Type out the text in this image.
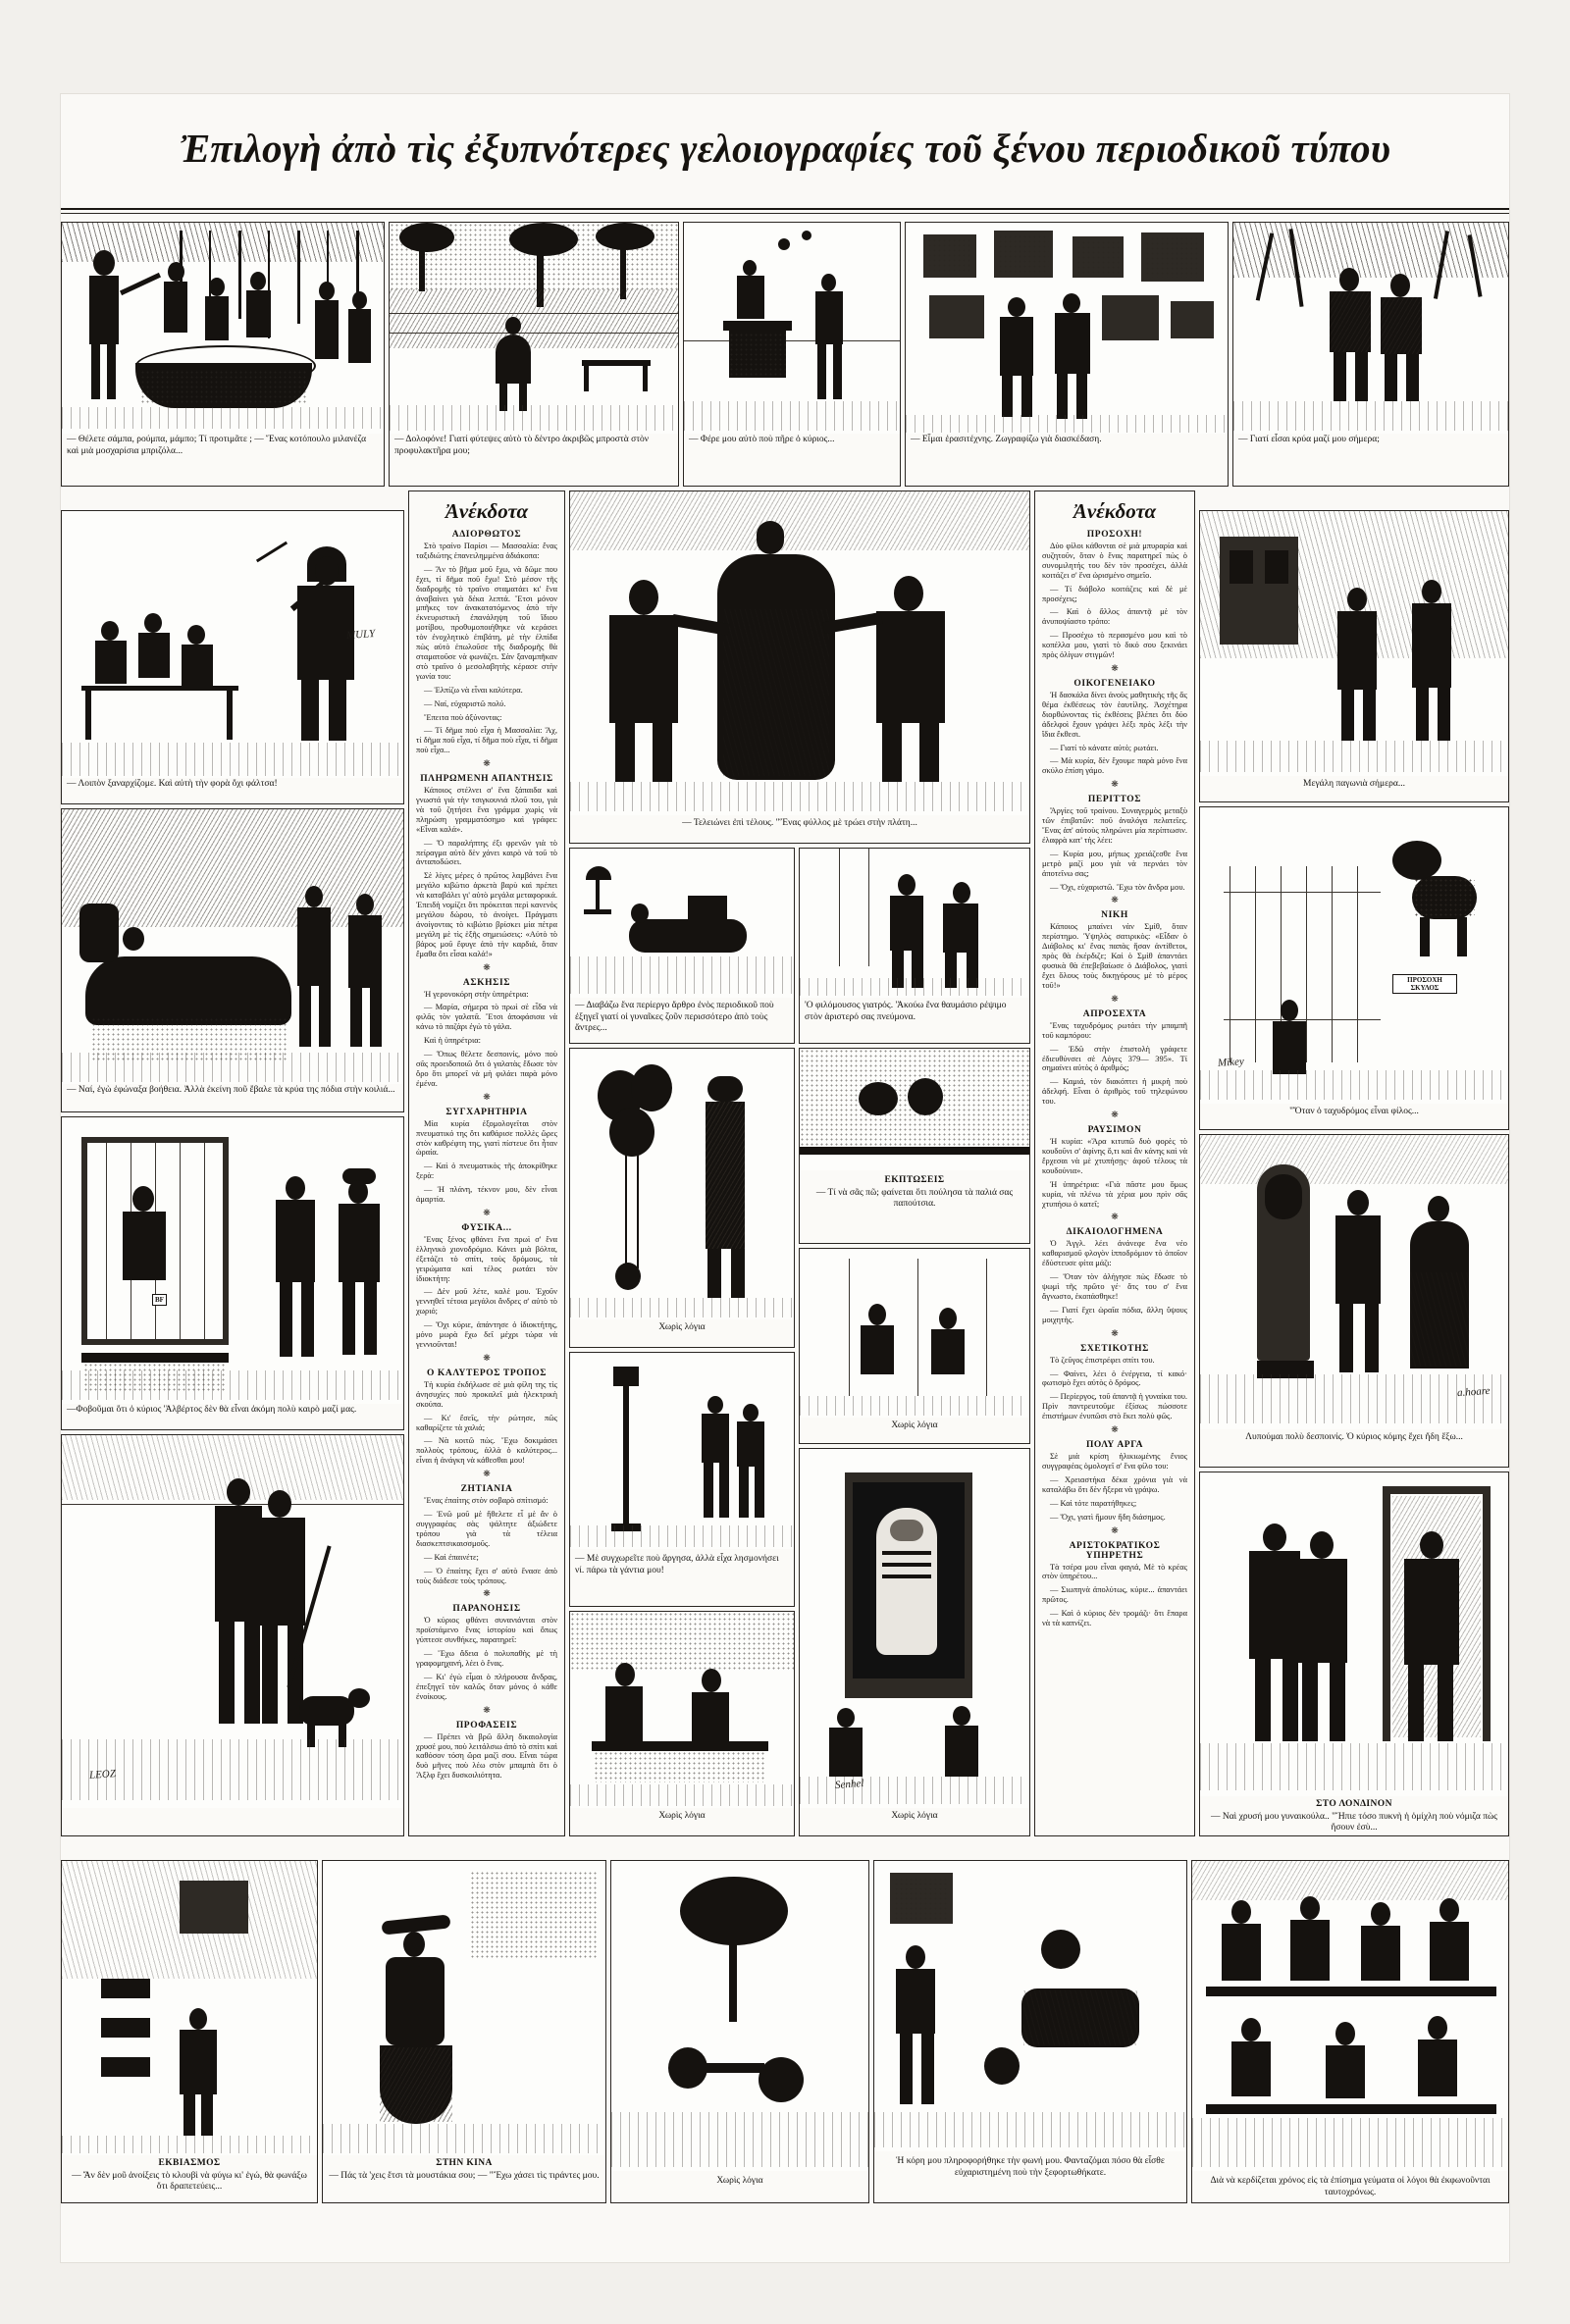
Ἐπιλογὴ ἀπὸ τὶς ἐξυπνότερες γελοιογραφίες τοῦ ξένου περιοδικοῦ τύπου
— Θέλετε σάμπα, ρούμπα, μάμπο; Τί προτιμᾶτε ; — Ἕνας κοτόπουλο μιλανέζα καὶ μιὰ μοσχαρίσια μπριζόλα...
— Δολοφόνε! Γιατί φύτεψες αὐτὸ τὸ δέντρο ἀκριβῶς μπροστὰ στὸν προφυλακτῆρα μου;
— Φέρε μου αὐτὸ ποὺ πῆρε ὁ κύριος...	— Εἶμαι ἐρασιτέχνης. Ζωγραφίζω γιὰ διασκέδαση.	— Γιατί εἶσαι κρύα μαζί μου σήμερα;
MULY
— Λοιπὸν ξαναρχίζομε. Καὶ αὐτὴ τὴν φορὰ ὄχι φάλτσα!
— Ναί, ἐγὼ ἐφώναξα βοήθεια. Ἀλλὰ ἐκείνη ποῦ ἔβαλε τὰ κρύα της πόδια στὴν κοιλιά...
BF
—Φοβοῦμαι ὅτι ὁ κύριος 'Ἀλβέρτος δὲν θὰ εἶναι ἀκόμη πολὺ καιρὸ μαζί μας.
LEOZ
Ἀνέκδοτα
ΑΔΙΟΡΘΩΤΟΣ

Στὸ τραίνο Παρίσι — Μασσαλία: ἕνας ταξιδιώτης ἐπανειλημμένα ἀδιάκοπα:

— Ἄν τὸ βῆμα μοῦ ἔχω, νὰ δῶμε που ἔχει, τί δῆμα ποῦ ἔχω! Στὸ μέσον τῆς διαδρομῆς τὸ τραῖνο σταματάει κι' ἕνα ἀναβαίνει γιὰ δέκα λεπτά. Ἔτσι μόνον μπῆκες τον ἀνακατατόμενος ἀπὸ τὴν ἐκνευριστικὴ ἐπανάληψη τοῦ ἴδιου μοτίβου, προθυμοποιήθηκε νὰ κεράσει τὸν ἐνοχλητικὸ ἐπιβάτη, μὲ τὴν ἐλπίδα πὼς αὐτὸ ἐπωλοῦσε τῆς διαδρομῆς θὰ σταματοῦσε νὰ φωνάζει. Σὰν ξαναμπῆκαν στὸ τραῖνο ὁ μεσολαβητὴς κέρασε στὴν γωνία του:

— Ἐλπίζω νὰ εἶναι καλύτερα.

— Ναί, εὐχαριστῶ πολύ.

Ἔπειτα ποὺ ἀξύνοντας:

— Τί δῆμα ποὺ εἶχα ἡ Μασσαλία: Ἄχ, τί δῆμα ποῦ εἶχα, τί δῆμα ποὺ εἶχα, τί δῆμα ποὺ εἶχα...

❋
ΠΛΗΡΩΜΕΝΗ ΑΠΑΝΤΗΣΙΣ

Κάποιος στέλνει σ' ἕνα ξάπαιδα καὶ γνωστά γιὰ τὴν τσιγκουνιά πλοῦ του, γιὰ νὰ τοῦ ζητήσει ἕνα γράμμα χωρὶς νὰ πληρώση γραμματόσημο καὶ γράφει: «Εἶναι καλά».

— Ὅ παραλήπτης ἐξι φρενῶν γιὰ τὸ πείραγμα αὐτὸ δὲν χάνει καιρὸ νὰ τοῦ τὸ ἀνταποδώσει.

Σὲ λίγες μέρες ὁ πρῶτος λαμβάνει ἕνα μεγάλο κιβώτιο ἀρκετὰ βαρὺ καὶ πρέπει νὰ καταβάλει γι' αὐτὸ μεγάλα μεταφορικά. Ἐπειδὴ νομίζει ὅτι πρόκειται περὶ κανενὸς μεγάλου δώρου, τὸ ἀνοίγει. Πράγματι ἀνοίγοντας τὸ κιβώτιο βρίσκει μία πέτρα μεγάλη μὲ τὶς ἑξῆς σημειώσεις: «Αὐτὸ τὸ βάρος μοῦ ἔφυγε ἀπὸ τὴν καρδιά, ὅταν ἔμαθα ὅτι εἶσαι καλά!»

❋
ΑΣΚΗΣΙΣ

Ἡ γερονοκόρη στὴν ὑπηρέτρια:

— Μαρία, σήμερα τὸ πρωὶ σὲ εἶδα νὰ φιλᾶς τὸν γαλατᾶ. Ἔτσι ἀποφάσισα νὰ κάνω τὸ παζάρι ἐγὼ τὸ γάλα.

Καὶ ἡ ὑπηρέτρια:

— Ὅπως θέλετε δεσποινίς, μόνο ποὺ σᾶς προειδοποιῶ ὅτι ὁ γαλατὰς ἔδωσε τὸν ὅρο ὅτι μπορεῖ νὰ μὴ φιλάει παρὰ μόνο ἐμένα.

❋
ΣΥΓΧΑΡΗΤΗΡΙΑ

Μία κυρία ἐξομολογεῖται στὸν πνευματικό της ὅτι καθάρισε πολλὲς ὥρες στὸν καθρέφτη της, γιατὶ πίστευε ὅτι ἦταν ὡραία.

— Καὶ ὁ πνευματικὸς τῆς ἀποκρίθηκε ξερὰ:

— Ἡ πλάνη, τέκνον μου, δὲν εἶναι ἁμαρτία.

❋
ΦΥΣΙΚΑ...

Ἕνας ξένος φθάνει ἕνα πρωὶ σ' ἕνα ἑλληνικὸ χιονοδρόμιο. Κάνει μιὰ βόλτα, ἐξετάζει τὸ σπίτι, τοὺς δρόμους, τὰ γειρώματα καὶ τέλος ρωτάει τὸν ἰδιοκτήτη:

— Δὲν μοῦ λέτε, καλὲ μου. Ἐχοῦν γεννηθεῖ τέτοια μεγάλοι ἄνδρες σ' αὐτὸ τὸ χωριό;

— Ὄχι κύριε, ἀπάντησε ὁ ἰδιοκτήτης, μόνο μωρὰ ἔχω δεῖ μέχρι τώρα νὰ γεννιοῦνται!

❋
Ο ΚΑΛΥΤΕΡΟΣ ΤΡΟΠΟΣ

Τὴ κυρία ἐκδήλωσε σὲ μιὰ φίλη της τὶς ἀνησυχίες ποὺ προκαλεῖ μιὰ ἠλεκτρικὴ σκούπα.

— Κι' ἔσεῖς, τὴν ρώτησε, πῶς καθαρίζετε τὰ χαλιά;

— Νὰ κοιτῶ πὼς. Ἔχω δοκιμάσει πολλοὺς τρόπους, ἀλλὰ ὁ καλύτερος... εἶναι ἡ ἀνάγκη νὰ κάθεσθαι μου!

❋
ΖΗΤΙΑΝΙΑ

Ἕνας ἐπαίτης στὸν σοβαρὸ σπίτισμό:

— Ἐνῶ μοῦ μὲ ἤθελετε εἶ μὲ ἄν ὁ συγγραφέας σὰς ψάλτητε ἀξιώδετε τρόπου γιὰ τὰ τέλεια διασκεπτσικαισσμοῦς.

— Καὶ ἐπαινέτε;

— Ὁ ἐπαίτης ἔχει σ' αὐτὸ ἔνασε ἀπὸ τοὺς διάδεσε τοὺς τρόπους.

❋
ΠΑΡΑΝΟΗΣΙΣ

Ὁ κύριος φθάνει συνανιάνται στὸν προϊστάμενο ἔνας ἱστορίου καὶ ὅπως γύπτεσε συνθήκες, παρατηρεῖ:

— Ἔχω ἄδεια ὁ πολυπαθὴς μὲ τὴ γραφομηχανή, λέει ὁ ἕνας.

— Κι' ἐγὼ εἶμαι ὁ πλήρουσα ἄνδρας, ἐπεξηγεῖ τὸν καλῶς ὅταν μόνος ὁ κάθε ἐνοίκους.

❋
ΠΡΟΦΑΣΕΙΣ

— Πρέπει νὰ βρῶ ἄλλη δικαιολογία χρυσέ μου, ποὺ λειτάλσιω ἀπὸ τὸ σπίτι καὶ καθόσον τόση ὥρα μαζὶ σου. Εἶναι τώρα δυὸ μῆνες ποὺ λέω στὸν μπαμπὰ ὅτι ὁ Ἄξλφ ἔχει δυσκοιλιότητα.

— Τελειώνει ἐπὶ τέλους. "Ἕνας φύλλος μὲ τρώει στὴν πλάτη...
— Διαβάζω ἕνα περίεργο ἄρθρο ἐνὸς περιοδικοῦ ποὺ ἐξηγεῖ γιατί οἱ γυναῖκες ζοῦν περισσότερο ἀπὸ τοὺς ἄντρες...
'Ο φιλόμουσος γιατρός. 'Ἀκούω ἕνα θαυμάσιο ρέψιμο στὸν ἀριστερό σας πνεύμονα.
Χωρὶς λόγια
ΕΚΠΤΩΣΕΙΣ
— Τί νὰ σᾶς πῶ; φαίνεται ὅτι πούλησα τὰ παλιά σας παπούτσια.
Χωρὶς λόγια
— Μὲ συγχωρεῖτε ποὺ ἄργησα, ἀλλὰ εἶχα λησμονήσει νί. πάρω τὰ γάντια μου!
Senhel
Χωρὶς λόγια
Χωρὶς λόγια
Ἀνέκδοτα
ΠΡΟΣΟΧΗ!

Δύο φίλοι κάθονται σὲ μιὰ μπυραρία καὶ συζητοῦν, ὅταν ὁ ἕνας παρατηρεῖ πὼς ὁ συνομιλητής του δὲν τὸν προσέχει, ἀλλὰ κοιτάζει σ' ἕνα ὡρισμένο σημεῖο.

— Τί διάβολο κοιτάζεις καὶ δὲ μὲ προσέχεις;

— Καὶ ὁ ἄλλος ἀπαντᾷ μὲ τὸν ἀνυποψίαστο τρόπο:

— Προσέχω τὸ περασμένο μου καὶ τὸ κοπέλλα μου, γιατὶ τὸ δικό σου ξεκινάει πρὸς ὀλίγων στιγμῶν!

❋
ΟΙΚΟΓΕΝΕΙΑΚΟ

Ἡ δασκάλα δίνει ἀνοὺς μαθητικὴς τῆς ἄς θέμα ἐκθέσεως τὸν ἑαυτίλης. Ἀσχέτηρα διορθώνοντας τὶς ἐκθέσεις βλέπει ὅτι δύο ἀδελφοὶ ἔχουν γράψει λέξι πρὸς λέξι τὴν ἴδια ἔκθεσι.

— Γιατί τὸ κάνατε αὐτὸ; ρωτάει.

— Μὰ κυρία, δὲν ἔχουμε παρὰ μόνο ἕνα σκύλο ἐπίση γάμο.

❋
ΠΕΡΙΤΤΟΣ

Ἄργίες τοῦ τραίνου. Συναγερμὸς μεταξὺ τῶν ἐπιβατῶν: ποῦ ἀναλόγα πελατεῖες. Ἕνας ἀπ' αὐτοὺς πληρώνει μία περίπτωσιν. ἐλαφρὰ κατ' τὴς λέει:

— Κυρία μου, μήπως χρειάζεσθε ἕνα μετρὸ μαζί μου γιὰ νὰ περνάει τὸν ἀποτεῖνω σας;

— Ὄχι, εὐχαριστῶ. Ἔχω τὸν ἄνδρα μου.

❋
ΝΙΚΗ

Κάποιος μπαίνει νὰν Σμίθ, ὅταν περίστημο. Ὑψηλὸς σατιρικὸς: «Εἶδαν ὁ Διάβολος κι' ἕνας παπὰς ἥσαν ἀντίθετοι, πρὸς θὰ ἐκέρδιζε; Καὶ ὁ Σμὶθ ἀπαντάει φυσικὰ θὰ ἐπεβεβαίωσε ὁ Διάβολος, γιατὶ ἔχει ὅλους τοὺς δικηγόρους μὲ τὸ μέρος τοῦ!»

❋
ΑΠΡΟΣΕΧΤΑ

Ἕνας ταχυδρόμος ρωτάει τὴν μπαμπῆ τοῦ καμπόρου:

— Ἐδῶ στὴν ἐπιστολὴ γράφετε ἐδιευθύνσει σὲ Λόγες 379— 395». Τί σημαίνει αὐτὸς ὁ ἀριθμός;

— Καμιά, τὸν διακόπτει ἡ μικρὴ ποὺ ἀδελφή. Εἶναι ὁ ἀριθμὸς τοῦ τηλεφώνου του.

❋
ΡΑΥΣΙΜΟΝ

Ἡ κυρία: «Ἄρα κιτυπῶ δυὸ φορὲς τὸ κουδοῦνι σ' ἀφίνης ὅ,τι καὶ ἂν κάνης καὶ νὰ ἔρχεσαι νὰ μὲ χτυπήσῃς· ἀφοῦ τέλους τὰ κουδούνια».

Ἡ ὑπηρέτρια: «Γιὰ πᾶστε μου ὅμως κυρία, νὰ πλένω τὰ χέρια μου πρὶν σᾶς χτυπήσω ὁ κατεῖ;

❋
ΔΙΚΑΙΟΛΟΓΗΜΕΝΑ

Ὁ Ἀγγλ. λέει ἀνάνεφε ἕνα νέο καθαρισμοῦ φλογὸν ἱπποδρόμιον τὸ ὁποῖον ἐδύστευσε φίτα μάζι:

— Ὅταν τὸν ἀλήγησε πὼς ἔδωσε τὸ ψωμὶ τῆς πρῶτο γέ· ἅτς του σ' ἕνα ἄγνωστο, ἐκοπάσθηκε!

— Γιατί ἔχει ὡραῖα πόδια, ἄλλη ὕψους μοιχητὴς.

❋
ΣΧΕΤΙΚΟΤΗΣ

Τὸ ζεῦγος ἐπιστρέφει σπίτι του.

— Φαίνει, λέει ὁ ἐνέργεια, τί κακό· φωτισμὸ ἔχει αὐτὸς ὁ δρόμος.

— Περίεργος, τοῦ ἀπαντᾷ ἡ γυναίκα του. Πρὶν παντρευτοῦμε ἐξίσως πώσσοτε ἐπιστήμων ἐνυπῶσι στὸ ἔκει πολὺ φῶς.

❋
ΠΟΛΥ ΑΡΓΑ

Σὲ μιὰ κρίση ἡλικιωμένης ἔνιος συγγραφέας ὁμολογεῖ σ' ἕνα φίλο του:

— Χρειαστήκα δέκα χρόνια γιὰ νὰ καταλάβω ὅτι δὲν ἤξερα νὰ γράψω.

— Καὶ τότε παρατήθηκες;

— Ὄχι, γιατὶ ἤμουν ἤδη διάσημος.

❋
ΑΡΙΣΤΟΚΡΑΤΙΚΟΣ ΥΠΗΡΕΤΗΣ

Τὰ τσέρα μου εἶναι φαγιά, Μὲ τὸ κρέας στὸν ὑπηρέτου...

— Σιωπηνὰ ἀπολύτως, κύριε... ἀπαντάει πρῶτος.

— Καὶ ὁ κύριος δὲν τρομάζι· ὅτι ἔπαρα νὰ τὰ καπνίζει.

Μεγάλη παγωνιὰ σήμερα...
ΠΡΟΣΟΧΗ ΣΚΥΛΟΣ
Mikey
"Ὅταν ὁ ταχυδρόμος εἶναι φίλος...
a.hoare
Λυπούμαι πολὺ δεσποινίς. Ὁ κύριος κόμης ἔχει ἤδη ἕξω...
ΣΤΟ ΛΟΝΔΙΝΟΝ
— Ναὶ χρυσή μου γυναικούλα.. "Ἤπιε τόσο πυκνὴ ἡ ὁμίχλη ποὺ νόμιζα πὼς ἤσουν ἐσὺ...
ΕΚΒΙΑΣΜΟΣ
— Ἄν δὲν μοῦ ἀνοίξεις τὸ κλουβὶ νὰ φύγω κι' ἐγώ, θὰ φωνάξω ὅτι δραπετεύεις...
ΣΤΗΝ ΚΙΝΑ
— Πάς τὰ 'χεις ἔτσι τὰ μουστάκια σου; — "Ἔχω χάσει τὶς τιράντες μου.
Χωρὶς λόγια
Ἡ κόρη μου πληροφορήθηκε τὴν φωνή μου. Φανταζόμαι πόσο θὰ εἶσθε εὐχαριστημένη ποὺ τὴν ξεφορτωθήκατε.
Διὰ νὰ κερδίζεται χρόνος εἰς τὰ ἐπίσημα γεύματα οἱ λόγοι θὰ ἐκφωνοῦνται ταυτοχρόνως.
